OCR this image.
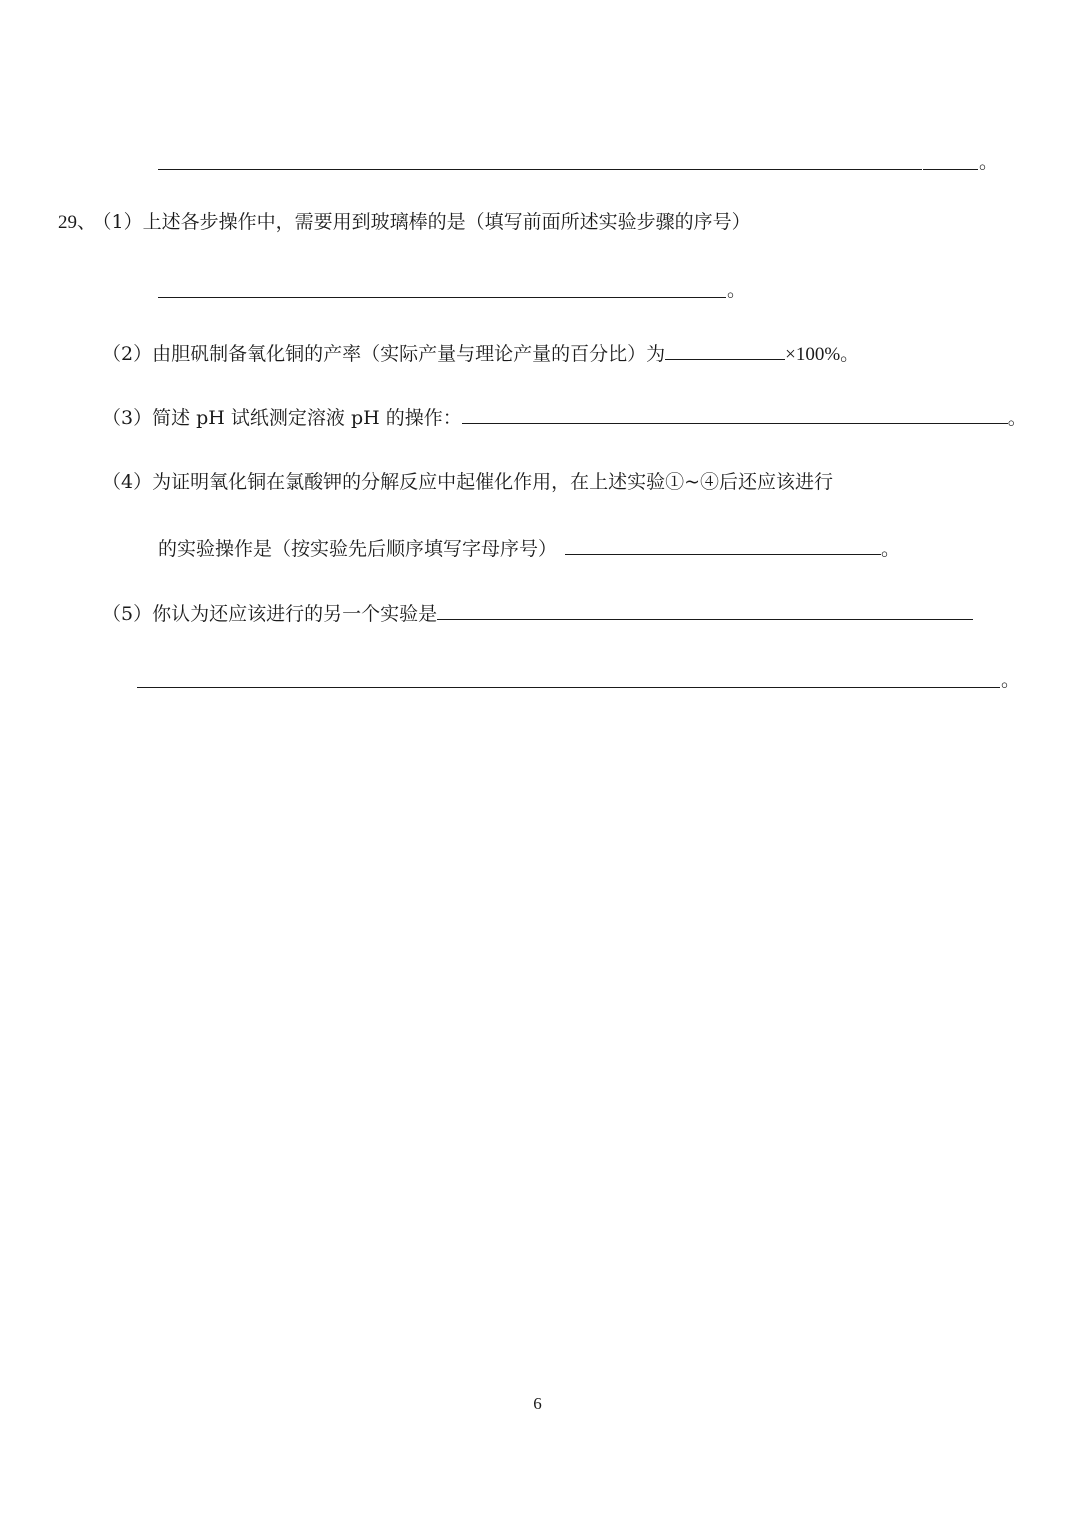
。
29、 （1）上述各步操作中，需要用到玻璃棒的是（填写前面所述实验步骤的序号）
。
（2）由胆矾制备氧化铜的产率（实际产量与理论产量的百分比）为	×100%。
（3）简述 pH 试纸测定溶液 pH 的操作：	。
（4）为证明氧化铜在氯酸钾的分解反应中起催化作用，在上述实验①~④后还应该进行
的实验操作是（按实验先后顺序填写字母序号）	。
（5）你认为还应该进行的另一个实验是
。
6
